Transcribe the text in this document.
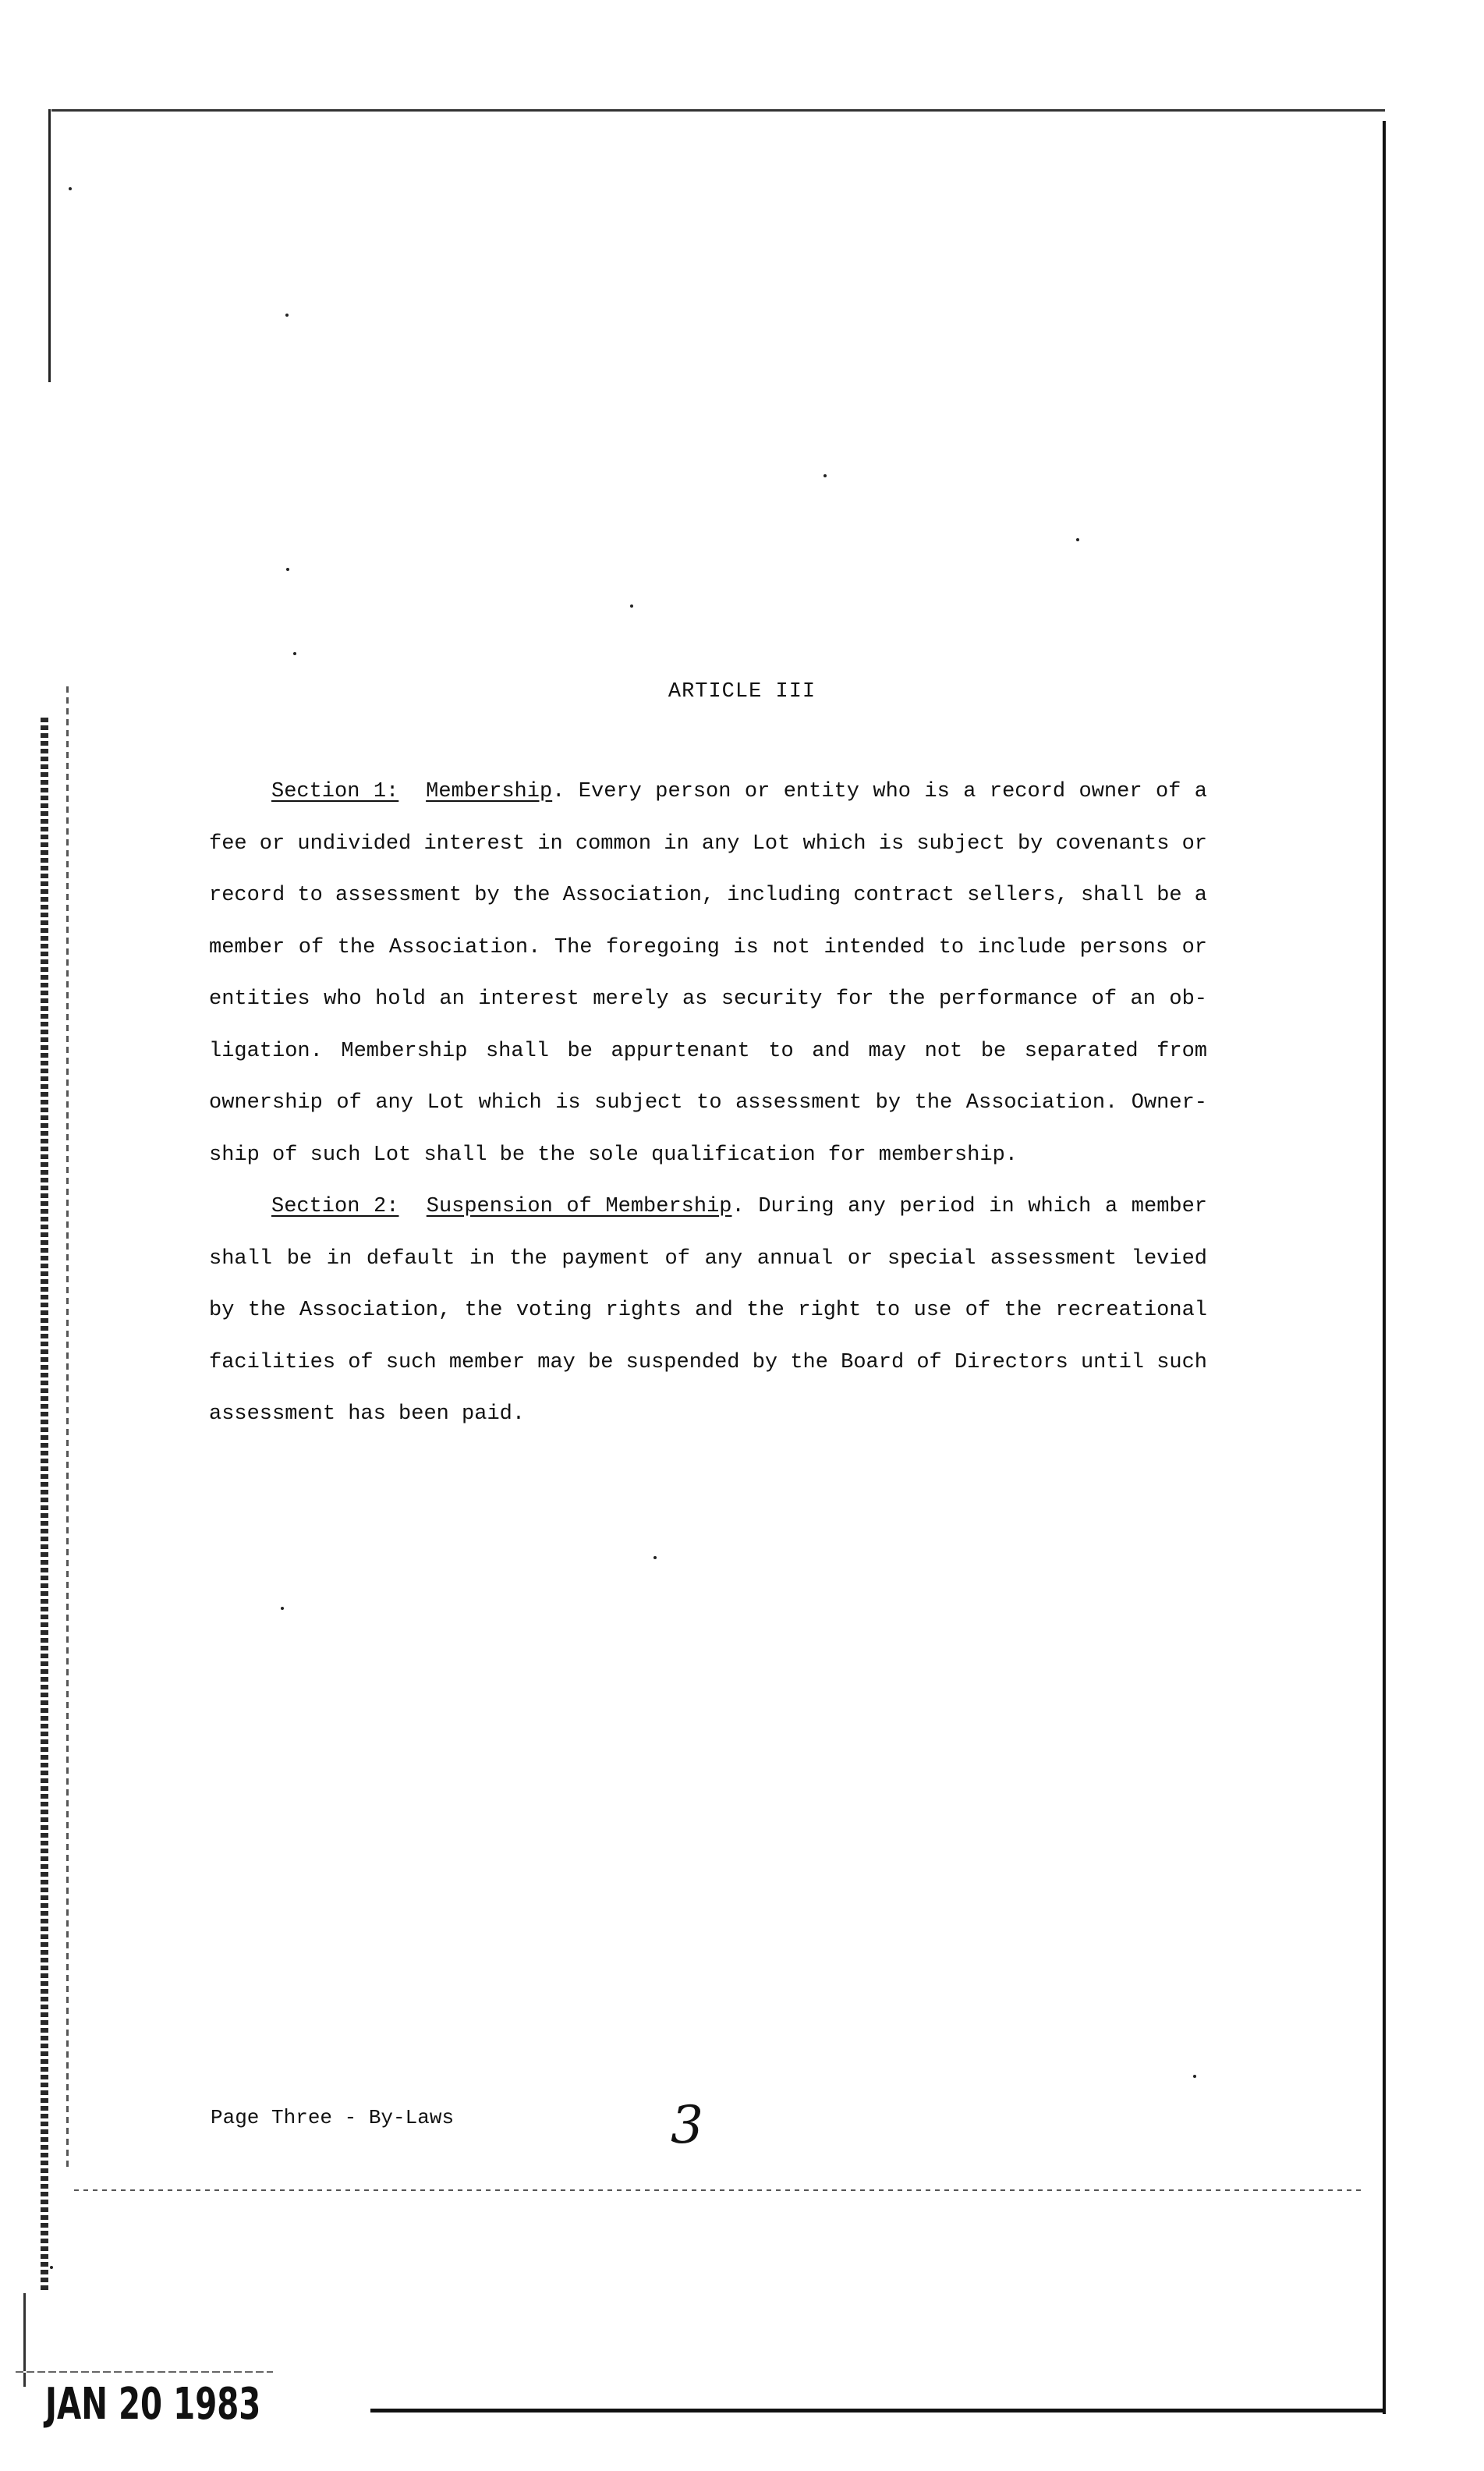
ARTICLE III
Section 1: Membership. Every person or entity who is a record owner of a
fee or undivided interest in common in any Lot which is subject by covenants or
record to assessment by the Association, including contract sellers, shall be a
member of the Association. The foregoing is not intended to include persons or
entities who hold an interest merely as security for the performance of an ob-
ligation. Membership shall be appurtenant to and may not be separated from
ownership of any Lot which is subject to assessment by the Association. Owner-
ship of such Lot shall be the sole qualification for membership.
Section 2: Suspension of Membership. During any period in which a member
shall be in default in the payment of any annual or special assessment levied
by the Association, the voting rights and the right to use of the recreational
facilities of such member may be suspended by the Board of Directors until such
assessment has been paid.
Page Three - By-Laws	3
JAN 20 1983
